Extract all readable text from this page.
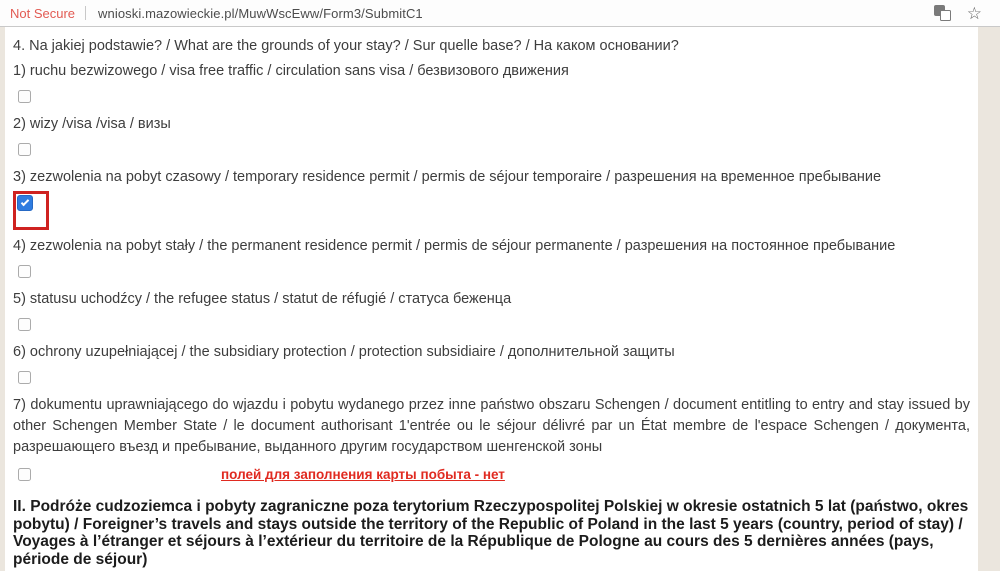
Not Secure wnioski.mazowieckie.pl/MuwWscEww/Form3/SubmitC1	☆
4. Na jakiej podstawie? / What are the grounds of your stay? / Sur quelle base? / На каком основании?
1) ruchu bezwizowego / visa free traffic / circulation sans visa / безвизового движения
2) wizy /visa /visa / визы
3) zezwolenia na pobyt czasowy / temporary residence permit / permis de séjour temporaire / разрешения на временное пребывание
4) zezwolenia na pobyt stały / the permanent residence permit / permis de séjour permanente / разрешения на постоянное пребывание
5) statusu uchodźcy / the refugee status / statut de réfugié / статуса беженца
6) ochrony uzupełniającej / the subsidiary protection / protection subsidiaire / дополнительной защиты
7) dokumentu uprawniającego do wjazdu i pobytu wydanego przez inne państwo obszaru Schengen / document entitling to entry and stay issued by other Schengen Member State / le document authorisant 1'entrée ou le séjour délivré par un État membre de l'espace Schengen / документа, разрешающего въезд и пребывание, выданного другим государством шенгенской зоны
полей для заполнения карты побыта - нет
II. Podróże cudzoziemca i pobyty zagraniczne poza terytorium Rzeczypospolitej Polskiej w okresie ostatnich 5 lat (państwo, okres pobytu) / Foreigner’s travels and stays outside the territory of the Republic of Poland in the last 5 years (country, period of stay) / Voyages à l’étranger et séjours à l’extérieur du territoire de la République de Pologne au cours des 5 dernières années (pays, période de séjour)
